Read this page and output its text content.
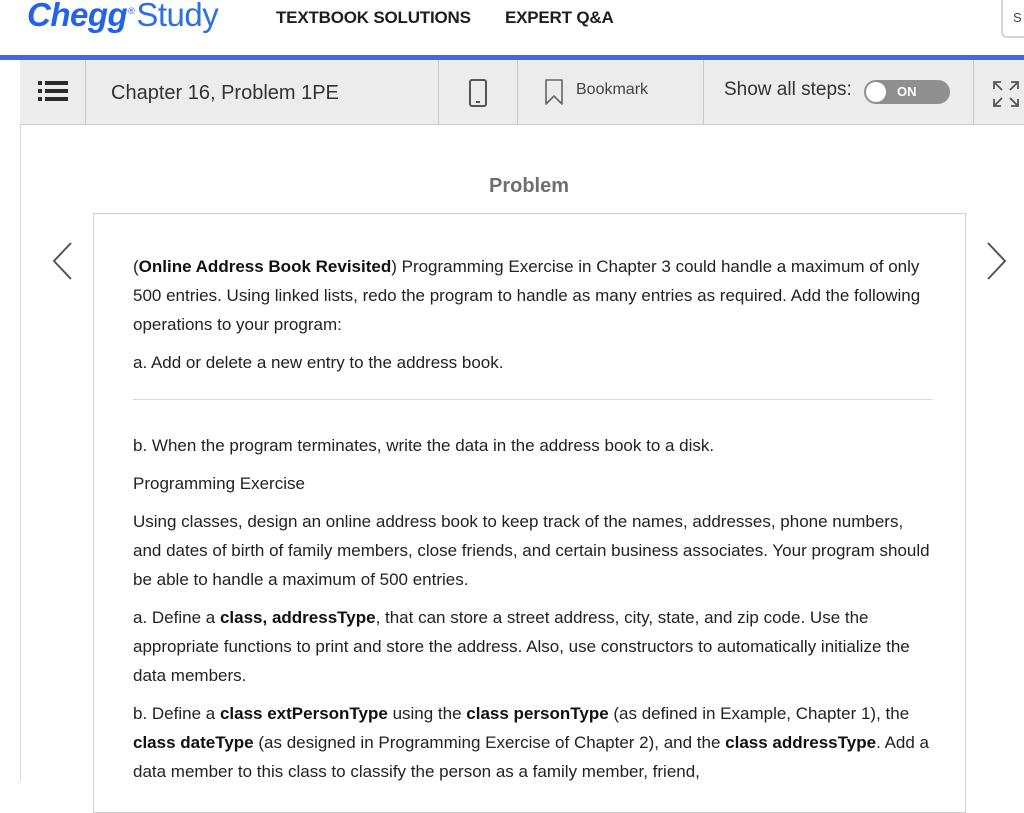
Chegg®Study	TEXTBOOK SOLUTIONS EXPERT Q&A	S
Chapter 16, Problem 1PE	Bookmark	Show all steps:	ON
Problem

(Online Address Book Revisited) Programming Exercise in Chapter 3 could handle a maximum of only 500 entries. Using linked lists, redo the program to handle as many entries as required. Add the following operations to your program:

a. Add or delete a new entry to the address book.

b. When the program terminates, write the data in the address book to a disk.

Programming Exercise

Using classes, design an online address book to keep track of the names, addresses, phone numbers, and dates of birth of family members, close friends, and certain business associates. Your program should be able to handle a maximum of 500 entries.

a. Define a class, addressType, that can store a street address, city, state, and zip code. Use the appropriate functions to print and store the address. Also, use constructors to automatically initialize the data members.

b. Define a class extPersonType using the class personType (as defined in Example, Chapter 1), the class dateType (as designed in Programming Exercise of Chapter 2), and the class addressType. Add a data member to this class to classify the person as a family member, friend,
